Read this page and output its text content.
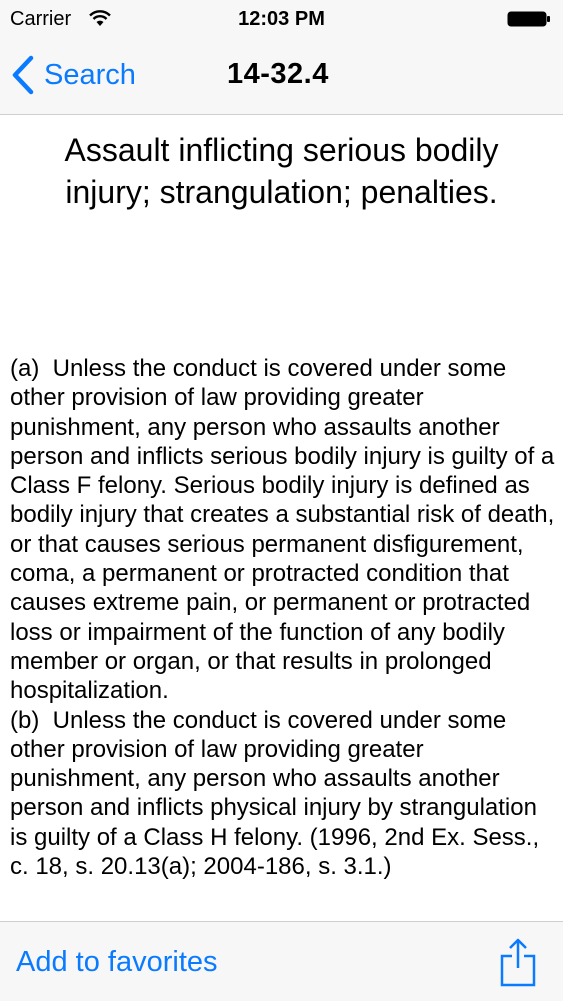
Carrier	12:03 PM
Search	14-32.4
Assault inflicting serious bodily injury; strangulation; penalties.
(a)  Unless the conduct is covered under some other provision of law providing greater punishment, any person who assaults another person and inflicts serious bodily injury is guilty of a Class F felony. Serious bodily injury is defined as bodily injury that creates a substantial risk of death, or that causes serious permanent disfigurement, coma, a permanent or protracted condition that causes extreme pain, or permanent or protracted loss or impairment of the function of any bodily member or organ, or that results in prolonged hospitalization.
(b)  Unless the conduct is covered under some other provision of law providing greater punishment, any person who assaults another person and inflicts physical injury by strangulation is guilty of a Class H felony. (1996, 2nd Ex. Sess., c. 18, s. 20.13(a); 2004-186, s. 3.1.)
Add to favorites
